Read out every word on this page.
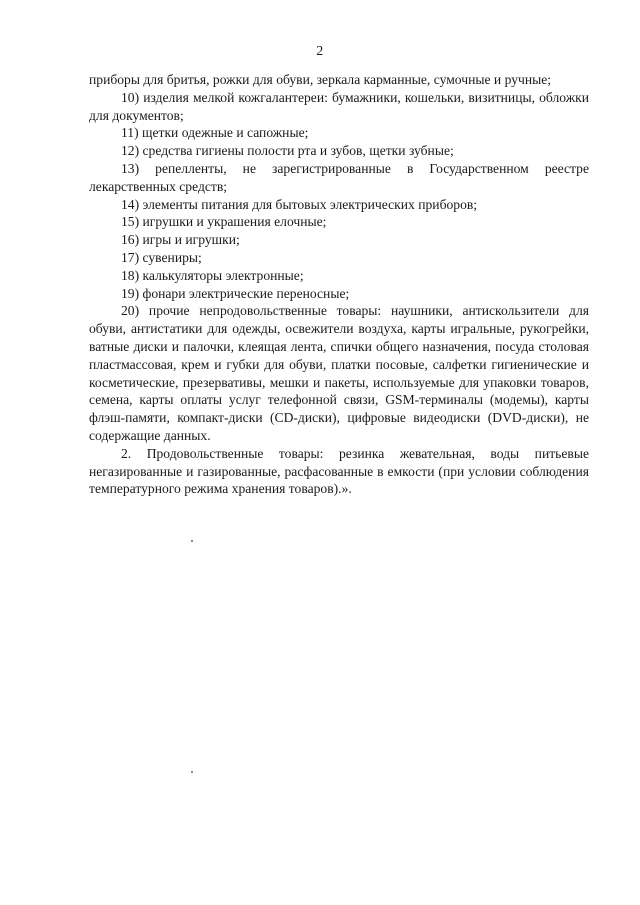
2

приборы для бритья, рожки для обуви, зеркала карманные, сумочные и ручные;

10) изделия мелкой кожгалантереи: бумажники, кошельки, визитницы, обложки для документов;

11) щетки одежные и сапожные;

12) средства гигиены полости рта и зубов, щетки зубные;

13) репелленты, не зарегистрированные в Государственном реестре лекарственных средств;

14) элементы питания для бытовых электрических приборов;

15) игрушки и украшения елочные;

16) игры и игрушки;

17) сувениры;

18) калькуляторы электронные;

19) фонари электрические переносные;

20) прочие непродовольственные товары: наушники, антискользители для обуви, антистатики для одежды, освежители воздуха, карты игральные, рукогрейки, ватные диски и палочки, клеящая лента, спички общего назначения, посуда столовая пластмассовая, крем и губки для обуви, платки посовые, салфетки гигиенические и косметические, презервативы, мешки и пакеты, используемые для упаковки товаров, семена, карты оплаты услуг телефонной связи, GSM-терминалы (модемы), карты флэш-памяти, компакт-диски (CD-диски), цифровые видеодиски (DVD-диски), не содержащие данных.

2. Продовольственные товары: резинка жевательная, воды питьевые негазированные и газированные, расфасованные в емкости (при условии соблюдения температурного режима хранения товаров).».
